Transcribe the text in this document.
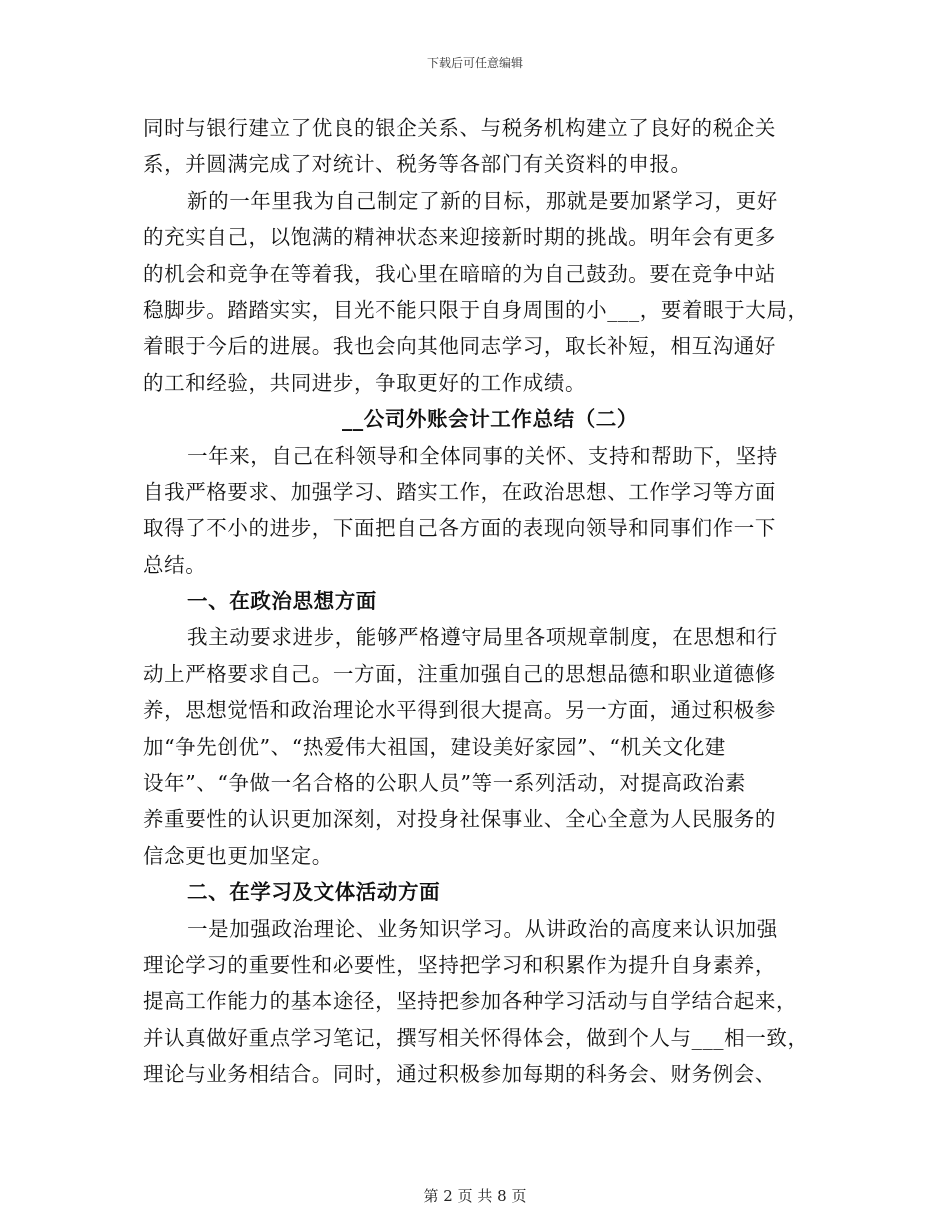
下载后可任意编辑
同时与银行建立了优良的银企关系、与税务机构建立了良好的税企关
系，并圆满完成了对统计、税务等各部门有关资料的申报。
新的一年里我为自己制定了新的目标，那就是要加紧学习，更好
的充实自己，以饱满的精神状态来迎接新时期的挑战。明年会有更多
的机会和竞争在等着我，我心里在暗暗的为自己鼓劲。要在竞争中站
稳脚步。踏踏实实，目光不能只限于自身周围的小___，要着眼于大局，
着眼于今后的进展。我也会向其他同志学习，取长补短，相互沟通好
的工和经验，共同进步，争取更好的工作成绩。
__公司外账会计工作总结（二）
一年来，自己在科领导和全体同事的关怀、支持和帮助下，坚持
自我严格要求、加强学习、踏实工作，在政治思想、工作学习等方面
取得了不小的进步，下面把自己各方面的表现向领导和同事们作一下
总结。
一、在政治思想方面
我主动要求进步，能够严格遵守局里各项规章制度，在思想和行
动上严格要求自己。一方面，注重加强自己的思想品德和职业道德修
养，思想觉悟和政治理论水平得到很大提高。另一方面，通过积极参
加“争先创优”、“热爱伟大祖国，建设美好家园”、“机关文化建
设年”、“争做一名合格的公职人员”等一系列活动，对提高政治素
养重要性的认识更加深刻，对投身社保事业、全心全意为人民服务的
信念更也更加坚定。
二、在学习及文体活动方面
一是加强政治理论、业务知识学习。从讲政治的高度来认识加强
理论学习的重要性和必要性，坚持把学习和积累作为提升自身素养，
提高工作能力的基本途径，坚持把参加各种学习活动与自学结合起来，
并认真做好重点学习笔记，撰写相关怀得体会，做到个人与___相一致，
理论与业务相结合。同时，通过积极参加每期的科务会、财务例会、
第 2 页 共 8 页
